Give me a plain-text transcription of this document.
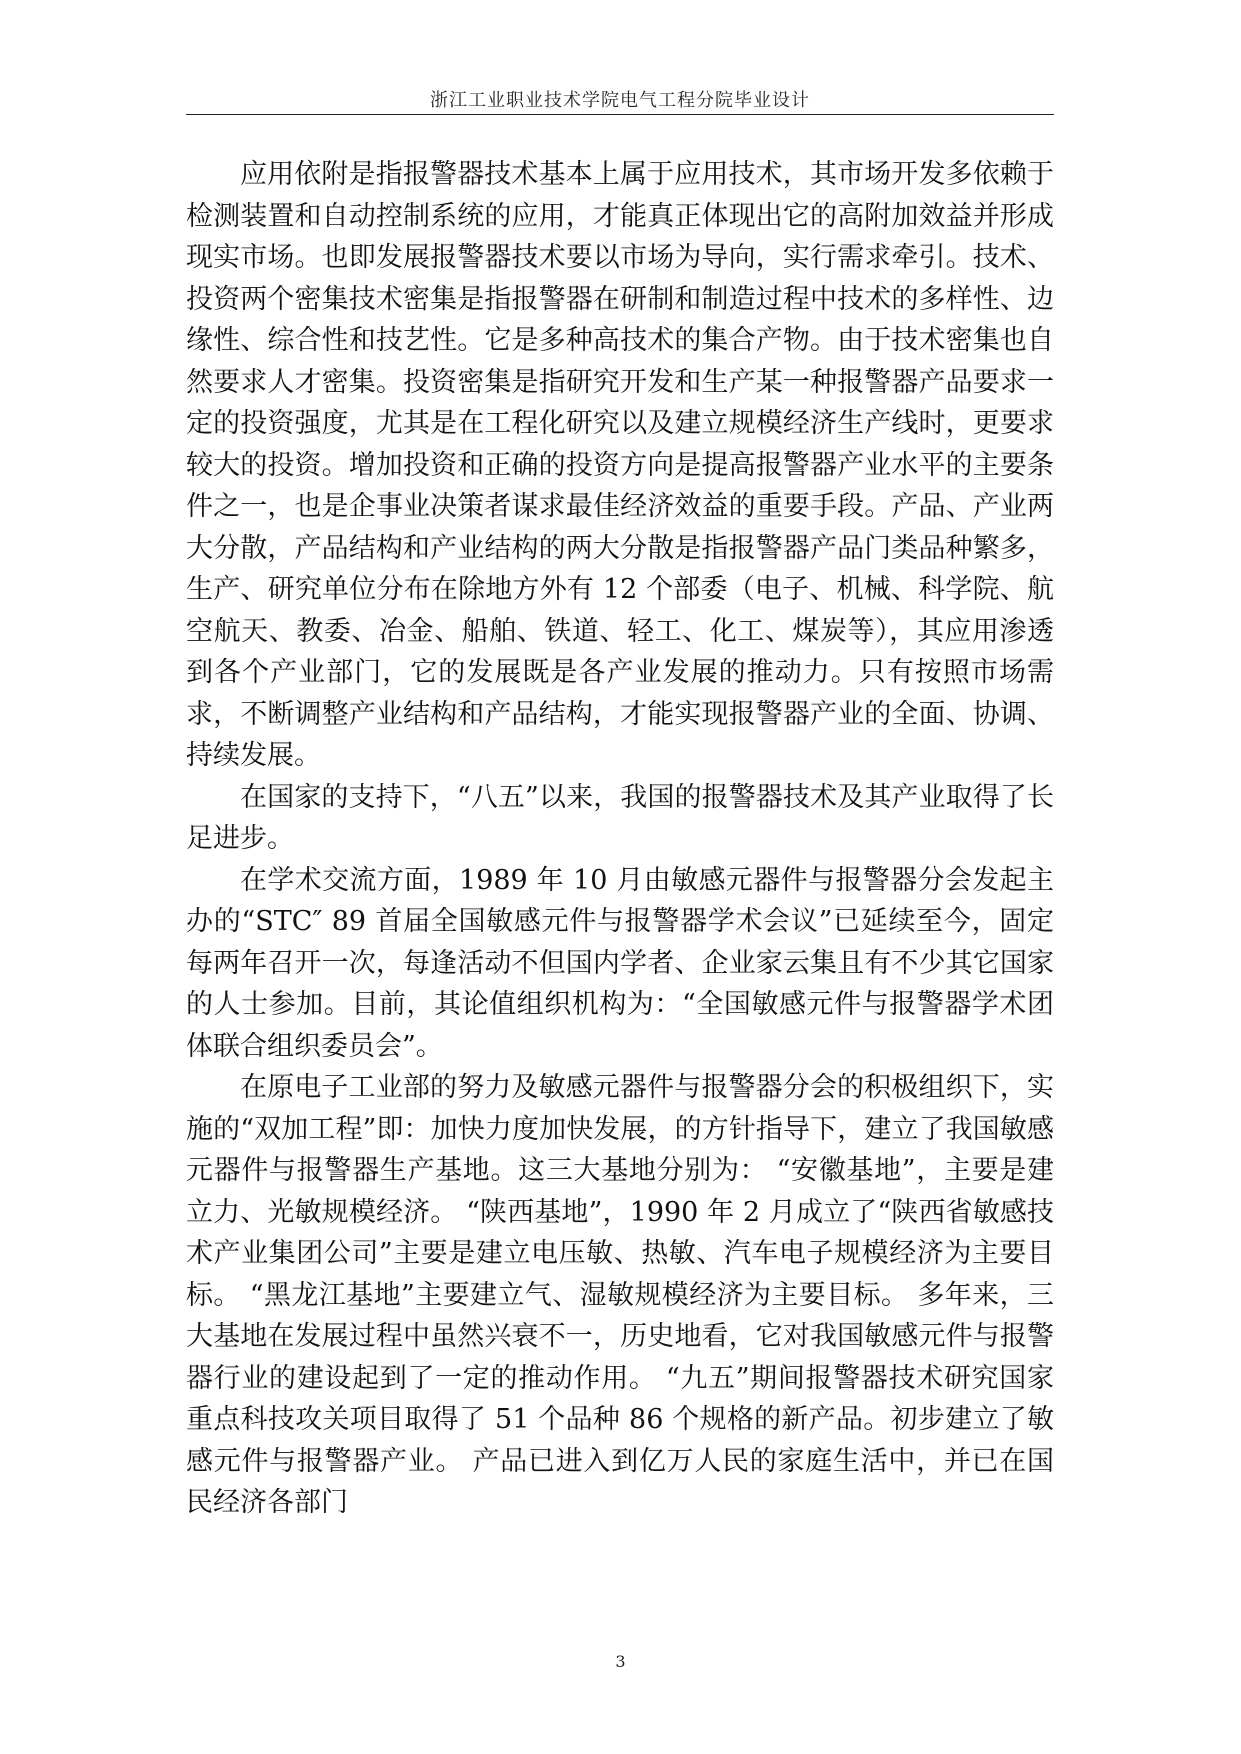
浙江工业职业技术学院电气工程分院毕业设计

应用依附是指报警器技术基本上属于应用技术，其市场开发多依赖于检测装置和自动控制系统的应用，才能真正体现出它的高附加效益并形成现实市场。也即发展报警器技术要以市场为导向，实行需求牵引。技术、投资两个密集技术密集是指报警器在研制和制造过程中技术的多样性、边缘性、综合性和技艺性。它是多种高技术的集合产物。由于技术密集也自然要求人才密集。投资密集是指研究开发和生产某一种报警器产品要求一定的投资强度，尤其是在工程化研究以及建立规模经济生产线时，更要求较大的投资。增加投资和正确的投资方向是提高报警器产业水平的主要条件之一，也是企事业决策者谋求最佳经济效益的重要手段。产品、产业两大分散，产品结构和产业结构的两大分散是指报警器产品门类品种繁多，生产、研究单位分布在除地方外有 12 个部委（电子、机械、科学院、航空航天、教委、冶金、船舶、铁道、轻工、化工、煤炭等），其应用渗透到各个产业部门，它的发展既是各产业发展的推动力。只有按照市场需求，不断调整产业结构和产品结构，才能实现报警器产业的全面、协调、持续发展。

在国家的支持下，“八五”以来，我国的报警器技术及其产业取得了长足进步。

在学术交流方面，1989 年 10 月由敏感元器件与报警器分会发起主办的“STC″ 89 首届全国敏感元件与报警器学术会议”已延续至今，固定每两年召开一次，每逢活动不但国内学者、企业家云集且有不少其它国家的人士参加。目前，其论值组织机构为：“全国敏感元件与报警器学术团体联合组织委员会”。

在原电子工业部的努力及敏感元器件与报警器分会的积极组织下，实施的“双加工程”即：加快力度加快发展，的方针指导下，建立了我国敏感元器件与报警器生产基地。这三大基地分别为： “安徽基地”，主要是建立力、光敏规模经济。 “陕西基地”，1990 年 2 月成立了“陕西省敏感技术产业集团公司”主要是建立电压敏、热敏、汽车电子规模经济为主要目标。 “黑龙江基地”主要建立气、湿敏规模经济为主要目标。 多年来，三大基地在发展过程中虽然兴衰不一，历史地看，它对我国敏感元件与报警器行业的建设起到了一定的推动作用。 “九五”期间报警器技术研究国家重点科技攻关项目取得了 51 个品种 86 个规格的新产品。初步建立了敏感元件与报警器产业。 产品已进入到亿万人民的家庭生活中，并已在国民经济各部门

3
